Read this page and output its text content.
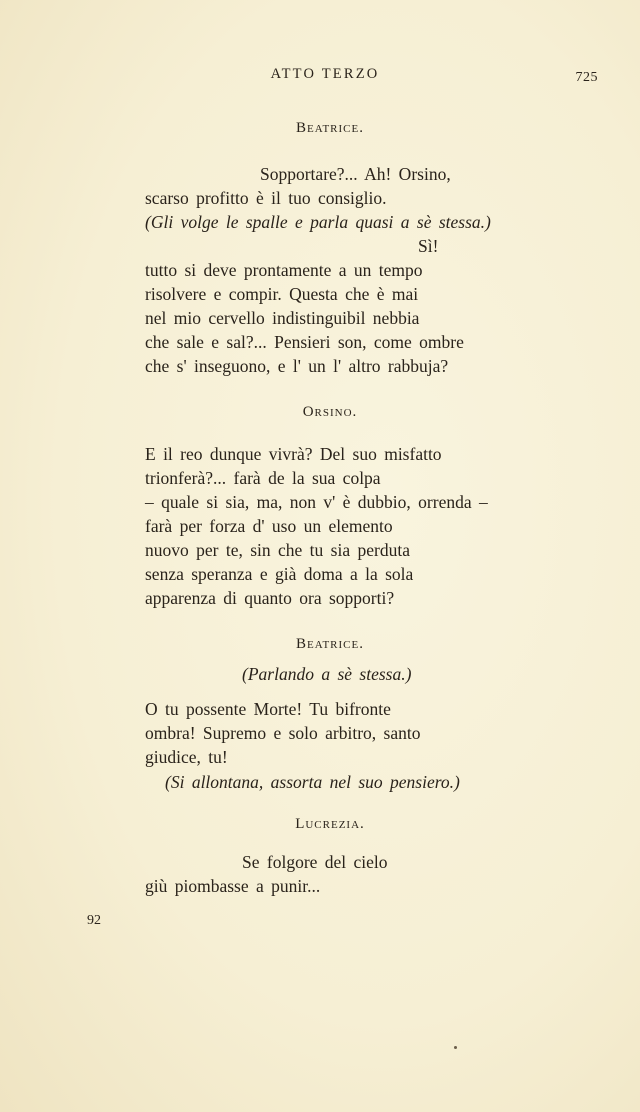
ATTO TERZO	725
Beatrice.
Sopportare?... Ah! Orsino,
scarso profitto è il tuo consiglio.
(Gli volge le spalle e parla quasi a sè stessa.)
Sì!
tutto si deve prontamente a un tempo
risolvere e compir. Questa che è mai
nel mio cervello indistinguibil nebbia
che sale e sal?... Pensieri son, come ombre
che s' inseguono, e l' un l' altro rabbuja?
Orsino.
E il reo dunque vivrà? Del suo misfatto
trionferà?... farà de la sua colpa
– quale si sia, ma, non v' è dubbio, orrenda –
farà per forza d' uso un elemento
nuovo per te, sin che tu sia perduta
senza speranza e già doma a la sola
apparenza di quanto ora sopporti?
Beatrice.
(Parlando a sè stessa.)
O tu possente Morte! Tu bifronte
ombra! Supremo e solo arbitro, santo
giudice, tu!
(Si allontana, assorta nel suo pensiero.)
Lucrezia.
Se folgore del cielo
giù piombasse a punir...
92
